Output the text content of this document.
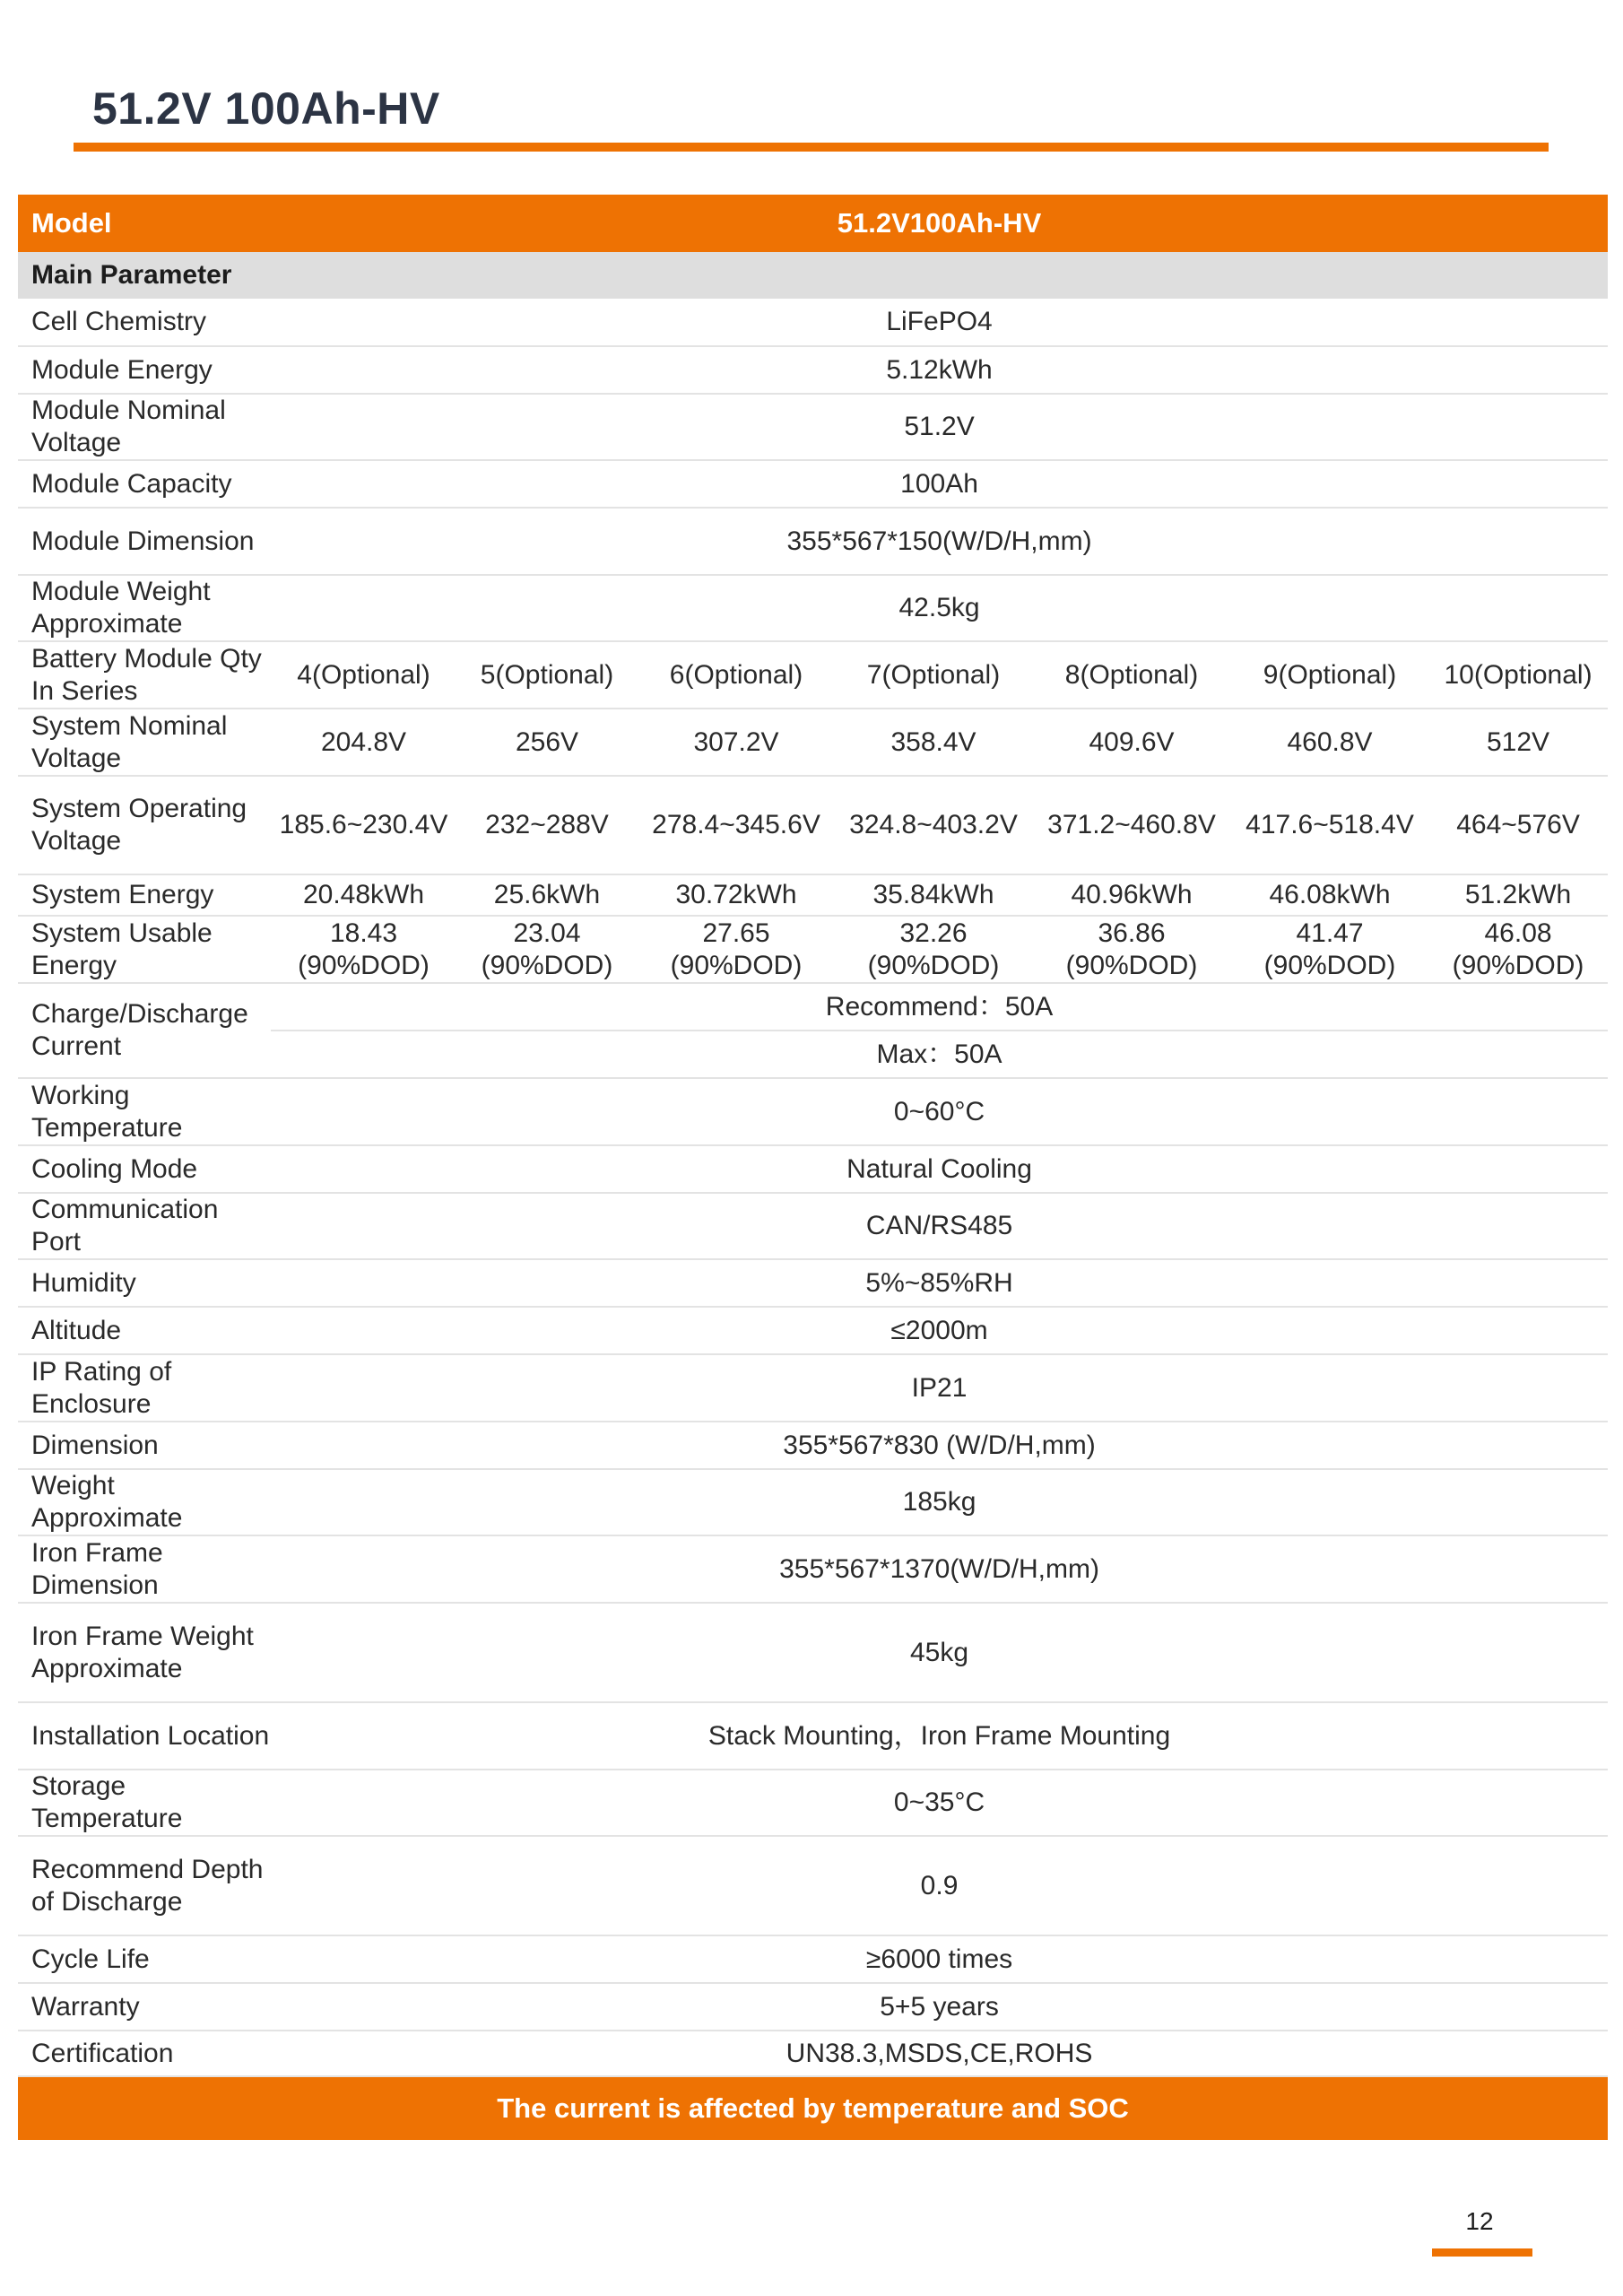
51.2V 100Ah-HV
Model	51.2V100Ah-HV						
Main Parameter							
Cell Chemistry	LiFePO4						
Module Energy	5.12kWh						
Module Nominal Voltage	51.2V						
Module Capacity	100Ah						
Module Dimension	355*567*150(W/D/H,mm)						
Module Weight Approximate	42.5kg						
Battery Module Qty In Series	4(Optional)	5(Optional)	6(Optional)	7(Optional)	8(Optional)	9(Optional)	10(Optional)
System Nominal Voltage	204.8V	256V	307.2V	358.4V	409.6V	460.8V	512V
System Operating Voltage	185.6~230.4V	232~288V	278.4~345.6V	324.8~403.2V	371.2~460.8V	417.6~518.4V	464~576V
System Energy	20.48kWh	25.6kWh	30.72kWh	35.84kWh	40.96kWh	46.08kWh	51.2kWh
System Usable Energy	18.43 (90%DOD)	23.04 (90%DOD)	27.65 (90%DOD)	32.26 (90%DOD)	36.86 (90%DOD)	41.47 (90%DOD)	46.08 (90%DOD)
Charge/Discharge Current	Recommend：50A						
	Max：50A						
Working Temperature	0~60°C						
Cooling Mode	Natural Cooling						
Communication Port	CAN/RS485						
Humidity	5%~85%RH						
Altitude	≤2000m						
IP Rating of Enclosure	IP21						
Dimension	355*567*830 (W/D/H,mm)						
Weight Approximate	185kg						
Iron Frame Dimension	355*567*1370(W/D/H,mm)						
Iron Frame Weight Approximate	45kg						
Installation Location	Stack Mounting，Iron Frame Mounting						
Storage Temperature	0~35°C						
Recommend Depth of Discharge	0.9						
Cycle Life	≥6000 times						
Warranty	5+5 years						
Certification	UN38.3,MSDS,CE,ROHS						
The current is affected by temperature and SOC							
12
